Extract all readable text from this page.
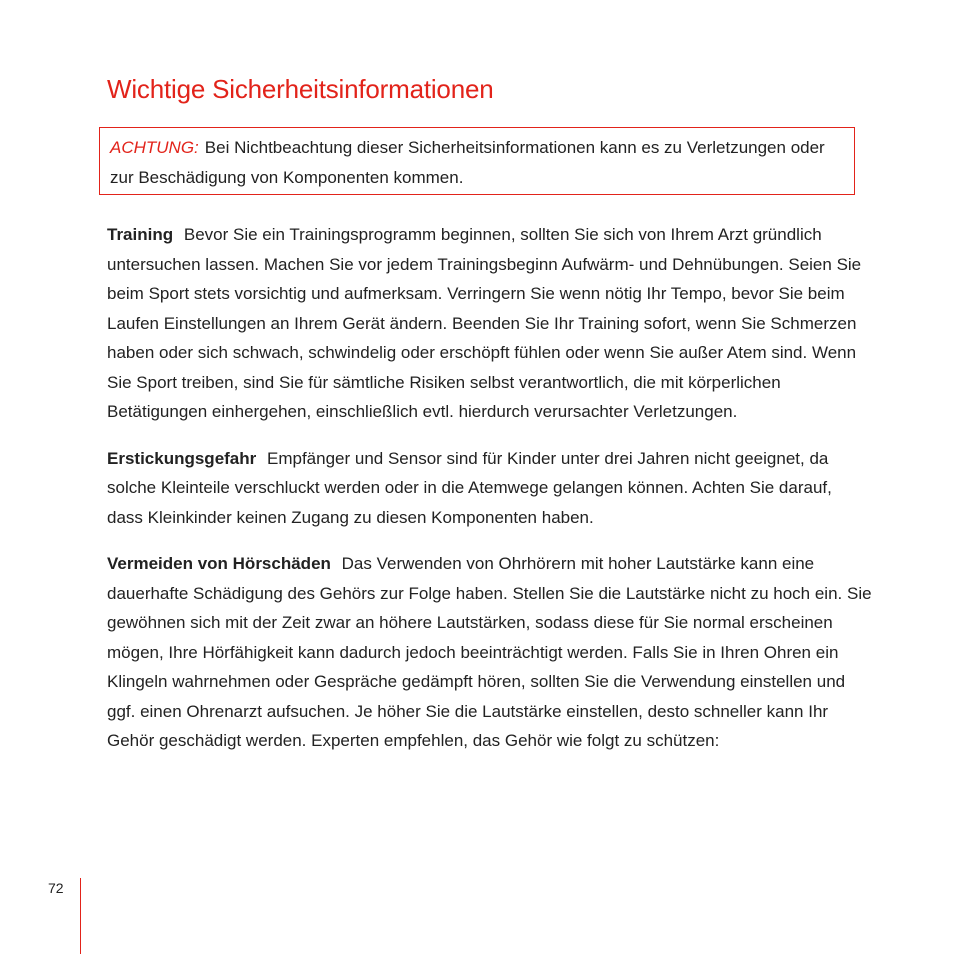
Wichtige Sicherheitsinformationen
ACHTUNG: Bei Nichtbeachtung dieser Sicherheitsinformationen kann es zu Verletzungen oder zur Beschädigung von Komponenten kommen.

Training Bevor Sie ein Trainingsprogramm beginnen, sollten Sie sich von Ihrem Arzt gründlich untersuchen lassen. Machen Sie vor jedem Trainingsbeginn Aufwärm- und Dehnübungen. Seien Sie beim Sport stets vorsichtig und aufmerksam. Verringern Sie wenn nötig Ihr Tempo, bevor Sie beim Laufen Einstellungen an Ihrem Gerät ändern. Beenden Sie Ihr Training sofort, wenn Sie Schmerzen haben oder sich schwach, schwindelig oder erschöpft fühlen oder wenn Sie außer Atem sind. Wenn Sie Sport treiben, sind Sie für sämtliche Risiken selbst verantwortlich, die mit körperlichen Betätigungen einhergehen, einschließlich evtl. hierdurch verursachter Verletzungen.

Erstickungsgefahr Empfänger und Sensor sind für Kinder unter drei Jahren nicht geeignet, da solche Kleinteile verschluckt werden oder in die Atemwege gelangen können. Achten Sie darauf, dass Kleinkinder keinen Zugang zu diesen Komponenten haben.

Vermeiden von Hörschäden Das Verwenden von Ohrhörern mit hoher Lautstärke kann eine dauerhafte Schädigung des Gehörs zur Folge haben. Stellen Sie die Lautstärke nicht zu hoch ein. Sie gewöhnen sich mit der Zeit zwar an höhere Lautstärken, sodass diese für Sie normal erscheinen mögen, Ihre Hörfähigkeit kann dadurch jedoch beeinträchtigt werden. Falls Sie in Ihren Ohren ein Klingeln wahrnehmen oder Gespräche gedämpft hören, sollten Sie die Verwendung einstellen und ggf. einen Ohrenarzt aufsuchen. Je höher Sie die Lautstärke einstellen, desto schneller kann Ihr Gehör geschädigt werden. Experten empfehlen, das Gehör wie folgt zu schützen:

72
